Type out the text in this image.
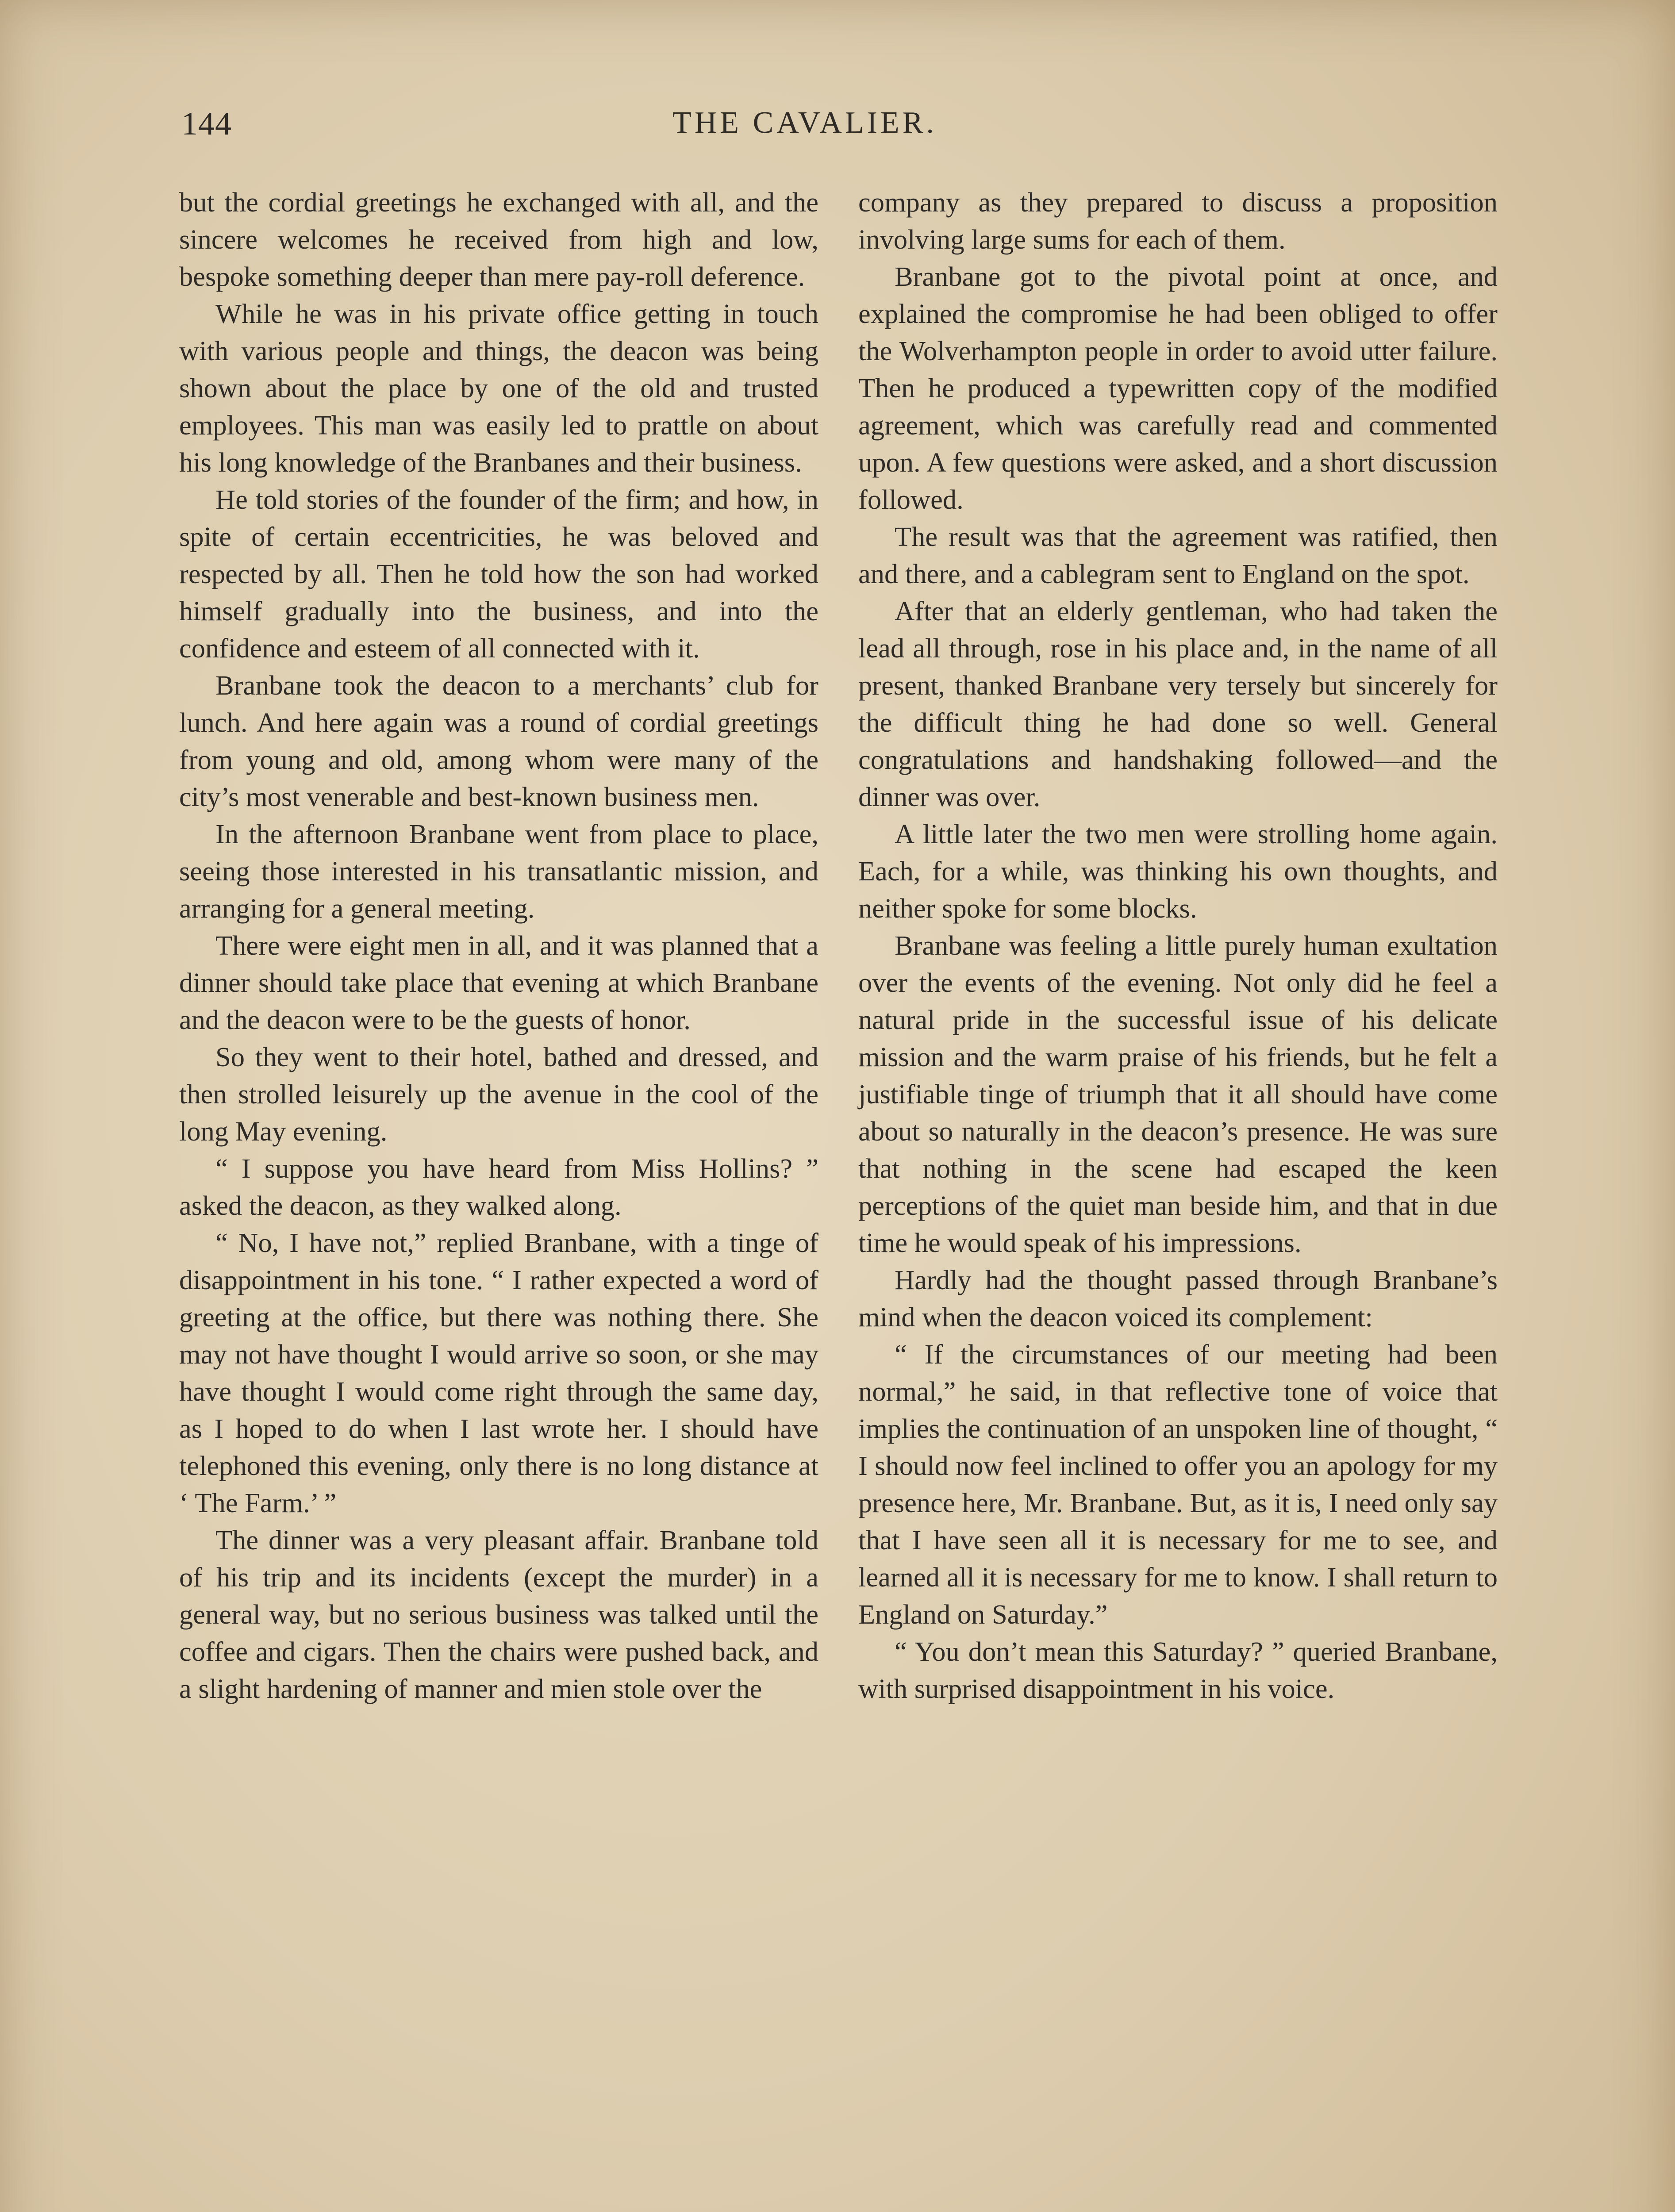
144	THE CAVALIER.

but the cordial greetings he exchanged with all, and the sincere welcomes he received from high and low, bespoke something deeper than mere pay-roll deference.

While he was in his private office getting in touch with various people and things, the deacon was being shown about the place by one of the old and trusted employees. This man was easily led to prattle on about his long knowledge of the Branbanes and their business.

He told stories of the founder of the firm; and how, in spite of certain eccentricities, he was beloved and respected by all. Then he told how the son had worked himself gradually into the business, and into the confidence and esteem of all connected with it.

Branbane took the deacon to a merchants’ club for lunch. And here again was a round of cordial greetings from young and old, among whom were many of the city’s most venerable and best-known business men.

In the afternoon Branbane went from place to place, seeing those interested in his transatlantic mission, and arranging for a general meeting.

There were eight men in all, and it was planned that a dinner should take place that evening at which Branbane and the deacon were to be the guests of honor.

So they went to their hotel, bathed and dressed, and then strolled leisurely up the avenue in the cool of the long May evening.

“ I suppose you have heard from Miss Hollins? ” asked the deacon, as they walked along.

“ No, I have not,” replied Branbane, with a tinge of disappointment in his tone. “ I rather expected a word of greeting at the office, but there was nothing there. She may not have thought I would arrive so soon, or she may have thought I would come right through the same day, as I hoped to do when I last wrote her. I should have telephoned this evening, only there is no long distance at ‘ The Farm.’ ”

The dinner was a very pleasant affair. Branbane told of his trip and its incidents (except the murder) in a general way, but no serious business was talked until the coffee and cigars. Then the chairs were pushed back, and a slight hardening of manner and mien stole over the

company as they prepared to discuss a proposition involving large sums for each of them.

Branbane got to the pivotal point at once, and explained the compromise he had been obliged to offer the Wolverhampton people in order to avoid utter failure. Then he produced a typewritten copy of the modified agreement, which was carefully read and commented upon. A few questions were asked, and a short discussion followed.

The result was that the agreement was ratified, then and there, and a cablegram sent to England on the spot.

After that an elderly gentleman, who had taken the lead all through, rose in his place and, in the name of all present, thanked Branbane very tersely but sincerely for the difficult thing he had done so well. General congratulations and handshaking followed—and the dinner was over.

A little later the two men were strolling home again. Each, for a while, was thinking his own thoughts, and neither spoke for some blocks.

Branbane was feeling a little purely human exultation over the events of the evening. Not only did he feel a natural pride in the successful issue of his delicate mission and the warm praise of his friends, but he felt a justifiable tinge of triumph that it all should have come about so naturally in the deacon’s presence. He was sure that nothing in the scene had escaped the keen perceptions of the quiet man beside him, and that in due time he would speak of his impressions.

Hardly had the thought passed through Branbane’s mind when the deacon voiced its complement:

“ If the circumstances of our meeting had been normal,” he said, in that reflective tone of voice that implies the continuation of an unspoken line of thought, “ I should now feel inclined to offer you an apology for my presence here, Mr. Branbane. But, as it is, I need only say that I have seen all it is necessary for me to see, and learned all it is necessary for me to know. I shall return to England on Saturday.”

“ You don’t mean this Saturday? ” queried Branbane, with surprised disappointment in his voice.
